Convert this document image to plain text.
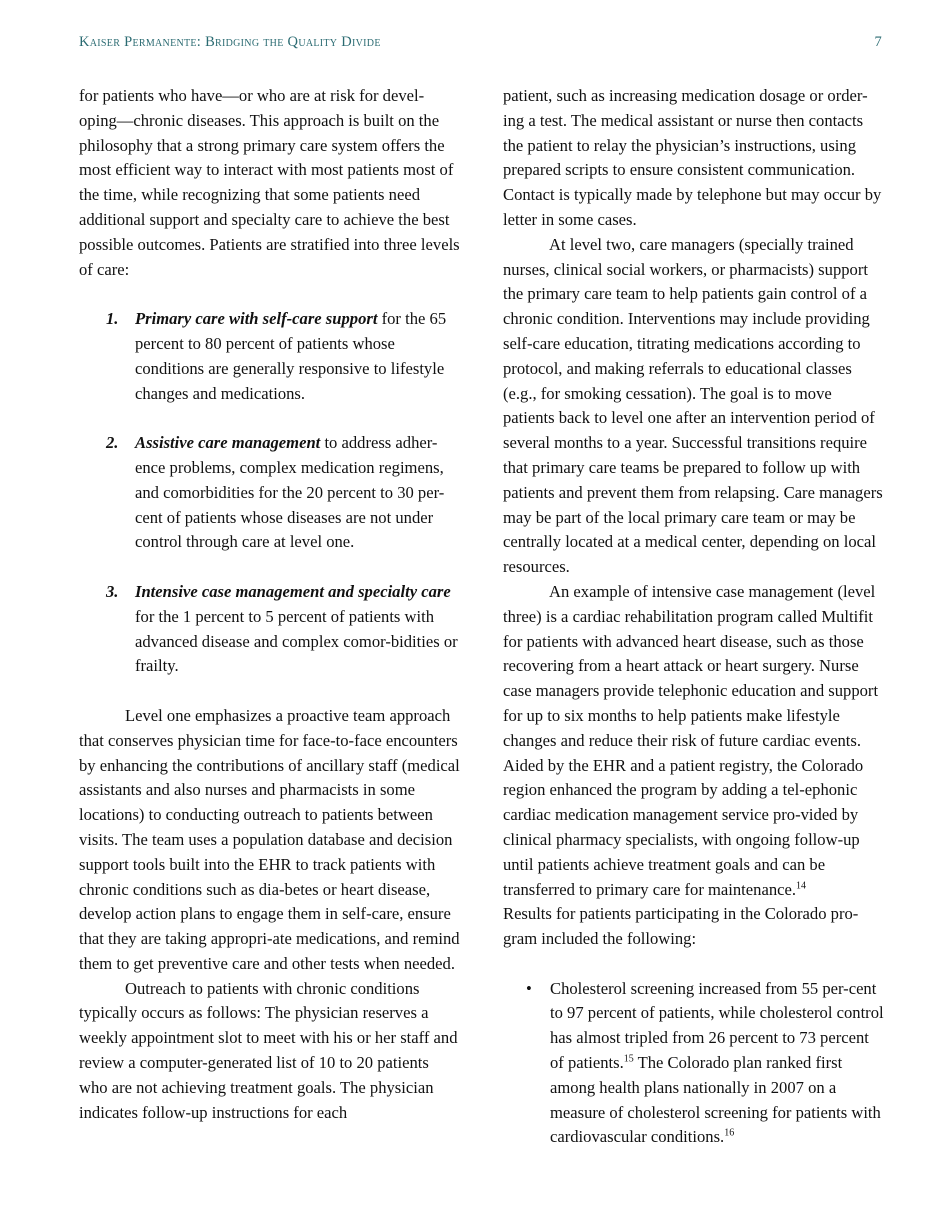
Kaiser Permanente: Bridging the Quality Divide	7

for patients who have—or who are at risk for devel-oping—chronic diseases. This approach is built on the philosophy that a strong primary care system offers the most efficient way to interact with most patients most of the time, while recognizing that some patients need additional support and specialty care to achieve the best possible outcomes. Patients are stratified into three levels of care:

1. Primary care with self-care support for the 65 percent to 80 percent of patients whose conditions are generally responsive to lifestyle changes and medications.
2. Assistive care management to address adher-ence problems, complex medication regimens, and comorbidities for the 20 percent to 30 per-cent of patients whose diseases are not under control through care at level one.
3. Intensive case management and specialty care for the 1 percent to 5 percent of patients with advanced disease and complex comor-bidities or frailty.

Level one emphasizes a proactive team approach that conserves physician time for face-to-face encounters by enhancing the contributions of ancillary staff (medical assistants and also nurses and pharmacists in some locations) to conducting outreach to patients between visits. The team uses a population database and decision support tools built into the EHR to track patients with chronic conditions such as dia-betes or heart disease, develop action plans to engage them in self-care, ensure that they are taking appropri-ate medications, and remind them to get preventive care and other tests when needed.

Outreach to patients with chronic conditions typically occurs as follows: The physician reserves a weekly appointment slot to meet with his or her staff and review a computer-generated list of 10 to 20 patients who are not achieving treatment goals. The physician indicates follow-up instructions for each

patient, such as increasing medication dosage or order-ing a test. The medical assistant or nurse then contacts the patient to relay the physician’s instructions, using prepared scripts to ensure consistent communication. Contact is typically made by telephone but may occur by letter in some cases.

At level two, care managers (specially trained nurses, clinical social workers, or pharmacists) support the primary care team to help patients gain control of a chronic condition. Interventions may include providing self-care education, titrating medications according to protocol, and making referrals to educational classes (e.g., for smoking cessation). The goal is to move patients back to level one after an intervention period of several months to a year. Successful transitions require that primary care teams be prepared to follow up with patients and prevent them from relapsing. Care managers may be part of the local primary care team or may be centrally located at a medical center, depending on local resources.

An example of intensive case management (level three) is a cardiac rehabilitation program called Multifit for patients with advanced heart disease, such as those recovering from a heart attack or heart surgery. Nurse case managers provide telephonic education and support for up to six months to help patients make lifestyle changes and reduce their risk of future cardiac events. Aided by the EHR and a patient registry, the Colorado region enhanced the program by adding a tel-ephonic cardiac medication management service pro-vided by clinical pharmacy specialists, with ongoing follow-up until patients achieve treatment goals and can be transferred to primary care for maintenance.$^{14}$

Results for patients participating in the Colorado pro-gram included the following:

• Cholesterol screening increased from 55 per-cent to 97 percent of patients, while cholesterol control has almost tripled from 26 percent to 73 percent of patients.$^{15}$ The Colorado plan ranked first among health plans nationally in 2007 on a measure of cholesterol screening for patients with cardiovascular conditions.$^{16}$
